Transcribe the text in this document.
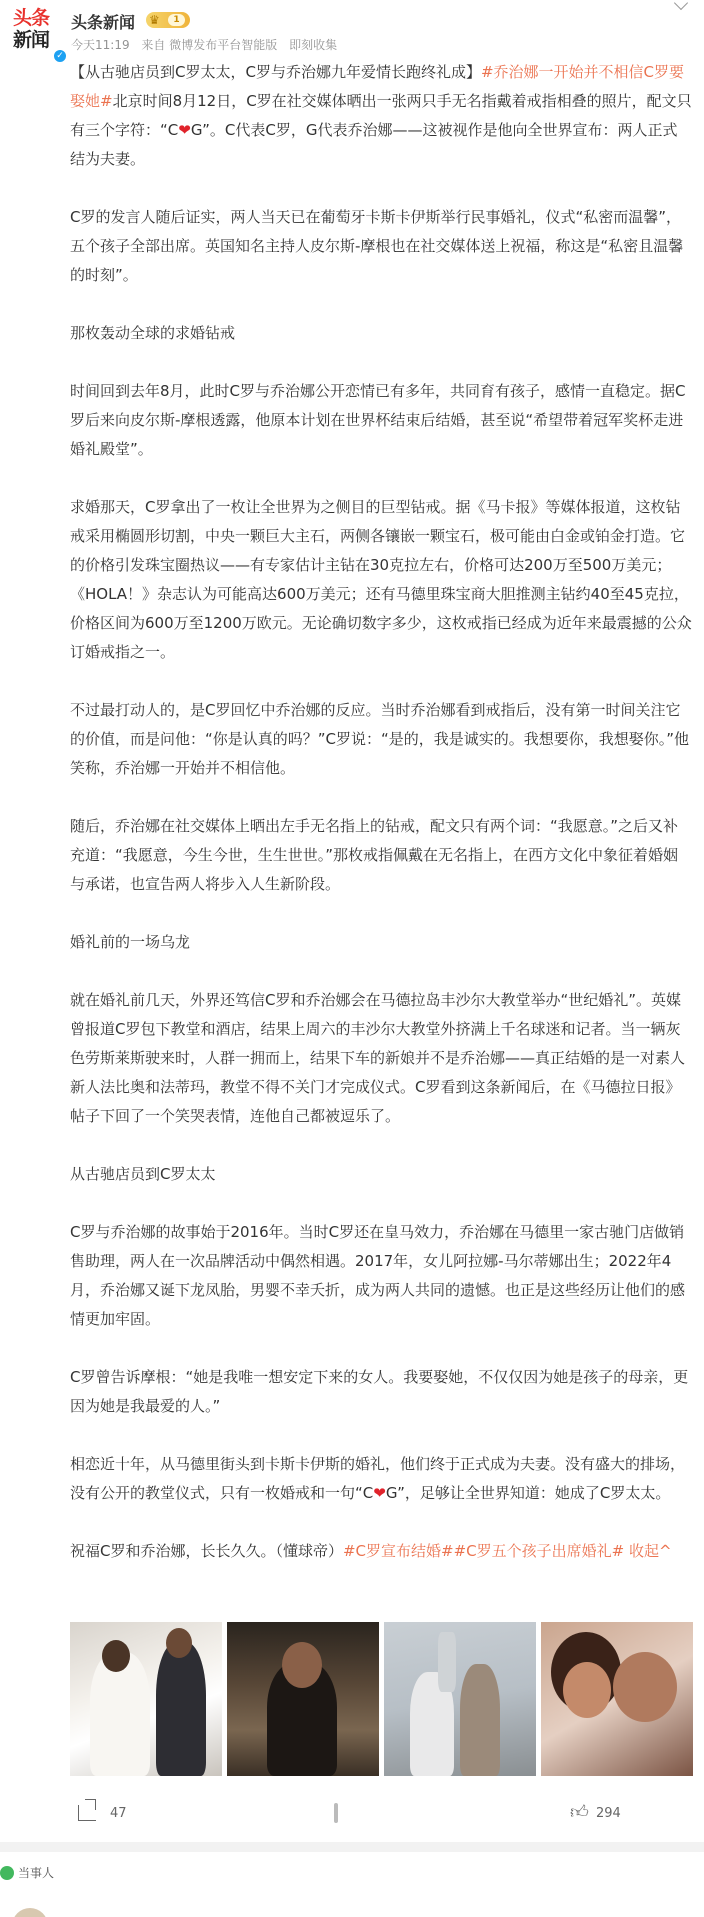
头条
新闻
✓
头条新闻 ♛	1
今天11:19 来自 微博发布平台智能版 即刻收集

【从古驰店员到C罗太太，C罗与乔治娜九年爱情长跑终礼成】#乔治娜一开始并不相信C罗要娶她#北京时间8月12日，C罗在社交媒体晒出一张两只手无名指戴着戒指相叠的照片，配文只有三个字符：“C❤G”。C代表C罗，G代表乔治娜——这被视作是他向全世界宣布：两人正式结为夫妻。

C罗的发言人随后证实，两人当天已在葡萄牙卡斯卡伊斯举行民事婚礼，仪式“私密而温馨”，五个孩子全部出席。英国知名主持人皮尔斯-摩根也在社交媒体送上祝福，称这是“私密且温馨的时刻”。

那枚轰动全球的求婚钻戒

时间回到去年8月，此时C罗与乔治娜公开恋情已有多年，共同育有孩子，感情一直稳定。据C罗后来向皮尔斯-摩根透露，他原本计划在世界杯结束后结婚，甚至说“希望带着冠军奖杯走进婚礼殿堂”。

求婚那天，C罗拿出了一枚让全世界为之侧目的巨型钻戒。据《马卡报》等媒体报道，这枚钻戒采用椭圆形切割，中央一颗巨大主石，两侧各镶嵌一颗宝石，极可能由白金或铂金打造。它的价格引发珠宝圈热议——有专家估计主钻在30克拉左右，价格可达200万至500万美元；《HOLA！》杂志认为可能高达600万美元；还有马德里珠宝商大胆推测主钻约40至45克拉，价格区间为600万至1200万欧元。无论确切数字多少，这枚戒指已经成为近年来最震撼的公众订婚戒指之一。

不过最打动人的，是C罗回忆中乔治娜的反应。当时乔治娜看到戒指后，没有第一时间关注它的价值，而是问他：“你是认真的吗？”C罗说：“是的，我是诚实的。我想要你，我想娶你。”他笑称，乔治娜一开始并不相信他。

随后，乔治娜在社交媒体上晒出左手无名指上的钻戒，配文只有两个词：“我愿意。”之后又补充道：“我愿意，今生今世，生生世世。”那枚戒指佩戴在无名指上，在西方文化中象征着婚姻与承诺，也宣告两人将步入人生新阶段。

婚礼前的一场乌龙

就在婚礼前几天，外界还笃信C罗和乔治娜会在马德拉岛丰沙尔大教堂举办“世纪婚礼”。英媒曾报道C罗包下教堂和酒店，结果上周六的丰沙尔大教堂外挤满上千名球迷和记者。当一辆灰色劳斯莱斯驶来时，人群一拥而上，结果下车的新娘并不是乔治娜——真正结婚的是一对素人新人法比奥和法蒂玛，教堂不得不关门才完成仪式。C罗看到这条新闻后，在《马德拉日报》帖子下回了一个笑哭表情，连他自己都被逗乐了。

从古驰店员到C罗太太

C罗与乔治娜的故事始于2016年。当时C罗还在皇马效力，乔治娜在马德里一家古驰门店做销售助理，两人在一次品牌活动中偶然相遇。2017年，女儿阿拉娜-马尔蒂娜出生；2022年4月，乔治娜又诞下龙凤胎，男婴不幸夭折，成为两人共同的遗憾。也正是这些经历让他们的感情更加牢固。

C罗曾告诉摩根：“她是我唯一想安定下来的女人。我要娶她，不仅仅因为她是孩子的母亲，更因为她是我最爱的人。”

相恋近十年，从马德里街头到卡斯卡伊斯的婚礼，他们终于正式成为夫妻。没有盛大的排场，没有公开的教堂仪式，只有一枚婚戒和一句“C❤G”，足够让全世界知道：她成了C罗太太。

祝福C罗和乔治娜，长长久久。（懂球帝）#C罗宣布结婚##C罗五个孩子出席婚礼# 收起^

47	👍︎ 294
当事人
